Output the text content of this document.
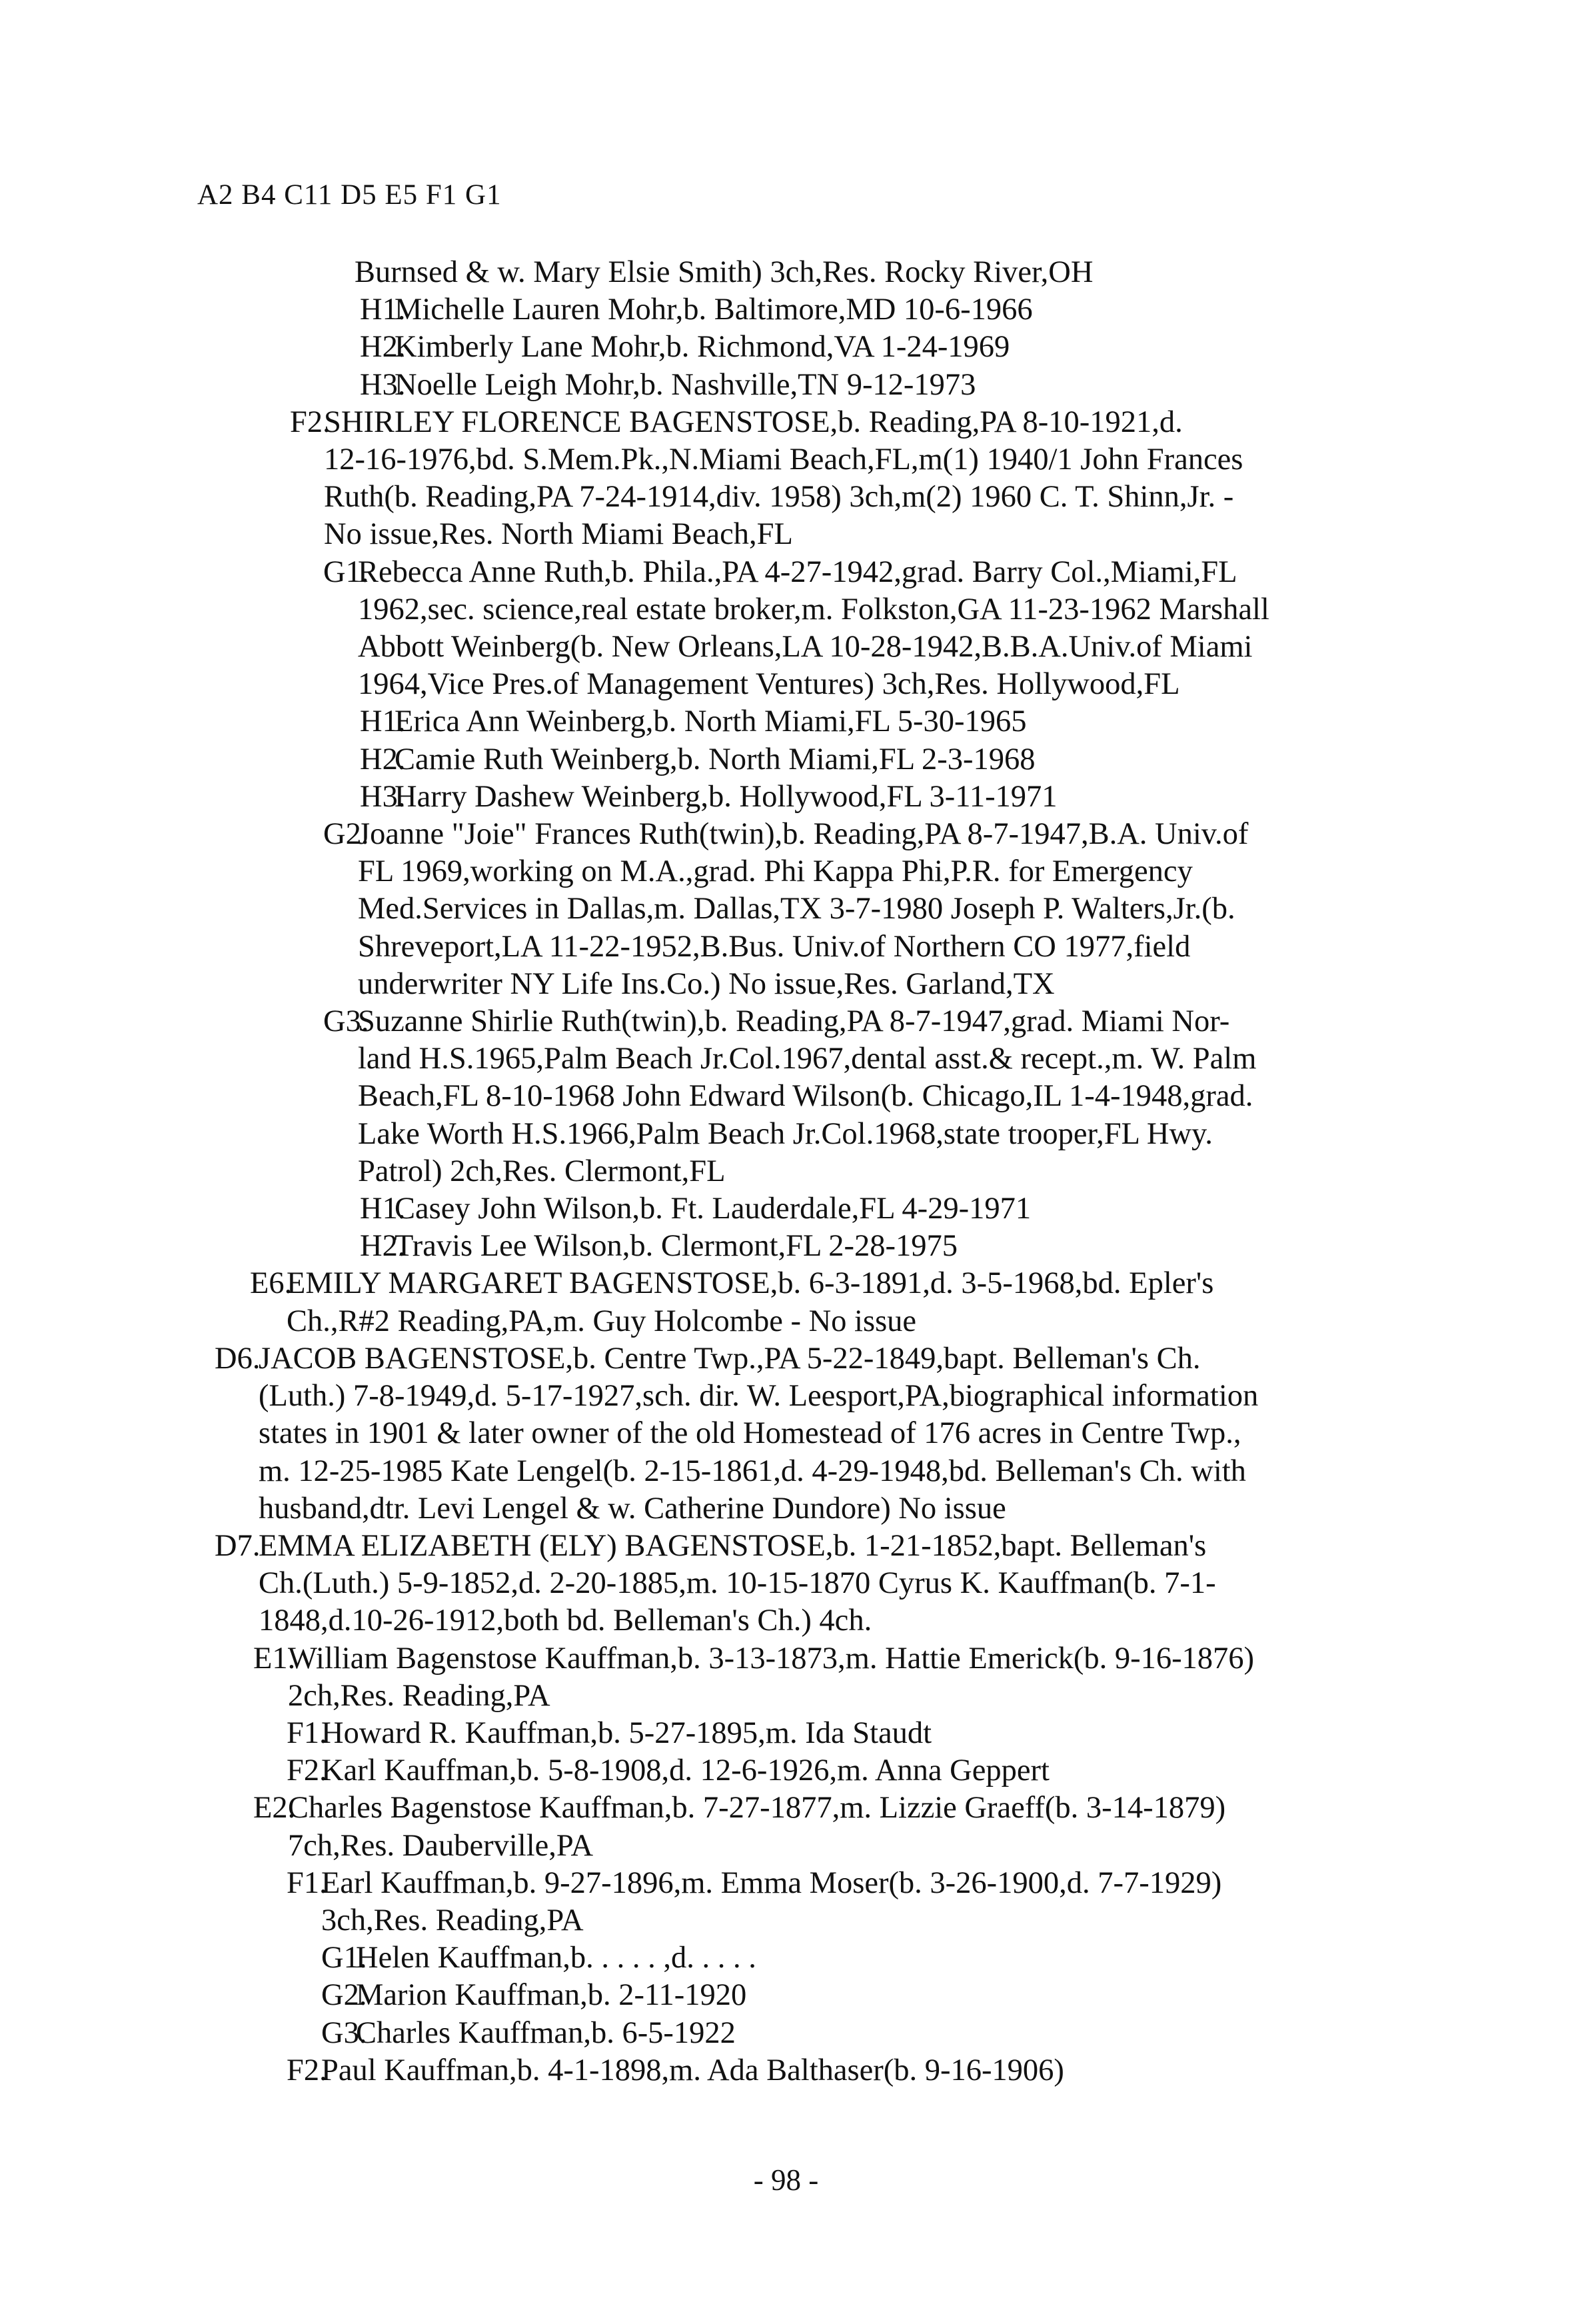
A2 B4 C11 D5 E5 F1 G1
Burnsed & w. Mary Elsie Smith) 3ch,Res. Rocky River,OH
H1.Michelle Lauren Mohr,b. Baltimore,MD 10-6-1966
H2.Kimberly Lane Mohr,b. Richmond,VA 1-24-1969
H3.Noelle Leigh Mohr,b. Nashville,TN 9-12-1973
F2.SHIRLEY FLORENCE BAGENSTOSE,b. Reading,PA 8-10-1921,d.
12-16-1976,bd. S.Mem.Pk.,N.Miami Beach,FL,m(1) 1940/1 John Frances
Ruth(b. Reading,PA 7-24-1914,div. 1958) 3ch,m(2) 1960 C. T. Shinn,Jr. -
No issue,Res. North Miami Beach,FL
G1.Rebecca Anne Ruth,b. Phila.,PA 4-27-1942,grad. Barry Col.,Miami,FL
1962,sec. science,real estate broker,m. Folkston,GA 11-23-1962 Marshall
Abbott Weinberg(b. New Orleans,LA 10-28-1942,B.B.A.Univ.of Miami
1964,Vice Pres.of Management Ventures) 3ch,Res. Hollywood,FL
H1.Erica Ann Weinberg,b. North Miami,FL 5-30-1965
H2.Camie Ruth Weinberg,b. North Miami,FL 2-3-1968
H3.Harry Dashew Weinberg,b. Hollywood,FL 3-11-1971
G2.Joanne "Joie" Frances Ruth(twin),b. Reading,PA 8-7-1947,B.A. Univ.of
FL 1969,working on M.A.,grad. Phi Kappa Phi,P.R. for Emergency
Med.Services in Dallas,m. Dallas,TX 3-7-1980 Joseph P. Walters,Jr.(b.
Shreveport,LA 11-22-1952,B.Bus. Univ.of Northern CO 1977,field
underwriter NY Life Ins.Co.) No issue,Res. Garland,TX
G3.Suzanne Shirlie Ruth(twin),b. Reading,PA 8-7-1947,grad. Miami Nor-
land H.S.1965,Palm Beach Jr.Col.1967,dental asst.& recept.,m. W. Palm
Beach,FL 8-10-1968 John Edward Wilson(b. Chicago,IL 1-4-1948,grad.
Lake Worth H.S.1966,Palm Beach Jr.Col.1968,state trooper,FL Hwy.
Patrol) 2ch,Res. Clermont,FL
H1.Casey John Wilson,b. Ft. Lauderdale,FL 4-29-1971
H2.Travis Lee Wilson,b. Clermont,FL 2-28-1975
E6.EMILY MARGARET BAGENSTOSE,b. 6-3-1891,d. 3-5-1968,bd. Epler's
Ch.,R#2 Reading,PA,m. Guy Holcombe - No issue
D6.JACOB BAGENSTOSE,b. Centre Twp.,PA 5-22-1849,bapt. Belleman's Ch.
(Luth.) 7-8-1949,d. 5-17-1927,sch. dir. W. Leesport,PA,biographical information
states in 1901 & later owner of the old Homestead of 176 acres in Centre Twp.,
m. 12-25-1985 Kate Lengel(b. 2-15-1861,d. 4-29-1948,bd. Belleman's Ch. with
husband,dtr. Levi Lengel & w. Catherine Dundore) No issue
D7.EMMA ELIZABETH (ELY) BAGENSTOSE,b. 1-21-1852,bapt. Belleman's
Ch.(Luth.) 5-9-1852,d. 2-20-1885,m. 10-15-1870 Cyrus K. Kauffman(b. 7-1-
1848,d.10-26-1912,both bd. Belleman's Ch.) 4ch.
E1.William Bagenstose Kauffman,b. 3-13-1873,m. Hattie Emerick(b. 9-16-1876)
2ch,Res. Reading,PA
F1.Howard R. Kauffman,b. 5-27-1895,m. Ida Staudt
F2.Karl Kauffman,b. 5-8-1908,d. 12-6-1926,m. Anna Geppert
E2.Charles Bagenstose Kauffman,b. 7-27-1877,m. Lizzie Graeff(b. 3-14-1879)
7ch,Res. Dauberville,PA
F1.Earl Kauffman,b. 9-27-1896,m. Emma Moser(b. 3-26-1900,d. 7-7-1929)
3ch,Res. Reading,PA
G1.Helen Kauffman,b. . . . . ,d. . . . .
G2.Marion Kauffman,b. 2-11-1920
G3.Charles Kauffman,b. 6-5-1922
F2.Paul Kauffman,b. 4-1-1898,m. Ada Balthaser(b. 9-16-1906)
- 98 -
